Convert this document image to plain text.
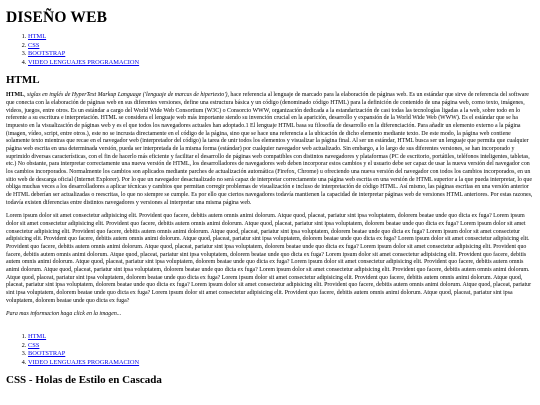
DISEÑO WEB
1. HTML
2. CSS
3. BOOTSTRAP
4. VIDEO LENGUAJES PROGRAMACION
HTML

HTML, siglas en inglés de HyperText Markup Language ('lenguaje de marcas de hipertexto'), hace referencia al lenguaje de marcado para la elaboración de páginas web. Es un estándar que sirve de referencia del software que conecta con la elaboración de páginas web en sus diferentes versiones, define una estructura básica y un código (denominado código HTML) para la definición de contenido de una página web, como texto, imágenes, videos, juegos, entre otros. Es un estándar a cargo del World Wide Web Consortium (W3C) o Consorcio WWW, organización dedicada a la estandarización de casi todas las tecnologías ligadas a la web, sobre todo en lo referente a su escritura e interpretación. HTML se considera el lenguaje web más importante siendo su invención crucial en la aparición, desarrollo y expansión de la World Wide Web (WWW). Es el estándar que se ha impuesto en la visualización de páginas web y es el que todos los navegadores actuales han adoptado.1 El lenguaje HTML basa su filosofía de desarrollo en la diferenciación. Para añadir un elemento externo a la página (imagen, vídeo, script, entre otros.), este no se incrusta directamente en el código de la página, sino que se hace una referencia a la ubicación de dicho elemento mediante texto. De este modo, la página web contiene solamente texto mientras que recae en el navegador web (interpretador del código) la tarea de unir todos los elementos y visualizar la página final. Al ser un estándar, HTML busca ser un lenguaje que permita que cualquier página web escrita en una determinada versión, pueda ser interpretada de la misma forma (estándar) por cualquier navegador web actualizado. Sin embargo, a lo largo de sus diferentes versiones, se han incorporado y suprimido diversas características, con el fin de hacerlo más eficiente y facilitar el desarrollo de páginas web compatibles con distintos navegadores y plataformas (PC de escritorio, portátiles, teléfonos inteligentes, tabletas, etc.) No obstante, para interpretar correctamente una nueva versión de HTML, los desarrolladores de navegadores web deben incorporar estos cambios y el usuario debe ser capaz de usar la nueva versión del navegador con los cambios incorporados. Normalmente los cambios son aplicados mediante parches de actualización automática (Firefox, Chrome) u ofreciendo una nueva versión del navegador con todos los cambios incorporados, en un sitio web de descarga oficial (Internet Explorer). Por lo que un navegador desactualizado no será capaz de interpretar correctamente una página web escrita en una versión de HTML superior a la que pueda interpretar, lo que obliga muchas veces a los desarrolladores a aplicar técnicas y cambios que permitan corregir problemas de visualización e incluso de interpretación de código HTML. Así mismo, las páginas escritas en una versión anterior de HTML deberían ser actualizadas o reescritas, lo que no siempre se cumple. Es por ello que ciertos navegadores todavía mantienen la capacidad de interpretar páginas web de versiones HTML anteriores. Por estas razones, todavía existen diferencias entre distintos navegadores y versiones al interpretar una misma página web.

Lorem ipsum dolor sit amet consectetur adipisicing elit. Provident quo facere, debitis autem omnis animi dolorum. Atque quod, placeat, pariatur sint ipsa voluptatem, dolorem beatae unde quo dicta ex fuga? Lorem ipsum dolor sit amet consectetur adipisicing elit. Provident quo facere, debitis autem omnis animi dolorum. Atque quod, placeat, pariatur sint ipsa voluptatem, dolorem beatae unde quo dicta ex fuga? Lorem ipsum dolor sit amet consectetur adipisicing elit. Provident quo facere, debitis autem omnis animi dolorum. Atque quod, placeat, pariatur sint ipsa voluptatem, dolorem beatae unde quo dicta ex fuga? Lorem ipsum dolor sit amet consectetur adipisicing elit. Provident quo facere, debitis autem omnis animi dolorum. Atque quod, placeat, pariatur sint ipsa voluptatem, dolorem beatae unde quo dicta ex fuga? Lorem ipsum dolor sit amet consectetur adipisicing elit. Provident quo facere, debitis autem omnis animi dolorum. Atque quod, placeat, pariatur sint ipsa voluptatem, dolorem beatae unde quo dicta ex fuga? Lorem ipsum dolor sit amet consectetur adipisicing elit. Provident quo facere, debitis autem omnis animi dolorum. Atque quod, placeat, pariatur sint ipsa voluptatem, dolorem beatae unde quo dicta ex fuga? Lorem ipsum dolor sit amet consectetur adipisicing elit. Provident quo facere, debitis autem omnis animi dolorum. Atque quod, placeat, pariatur sint ipsa voluptatem, dolorem beatae unde quo dicta ex fuga? Lorem ipsum dolor sit amet consectetur adipisicing elit. Provident quo facere, debitis autem omnis animi dolorum. Atque quod, placeat, pariatur sint ipsa voluptatem, dolorem beatae unde quo dicta ex fuga? Lorem ipsum dolor sit amet consectetur adipisicing elit. Provident quo facere, debitis autem omnis animi dolorum. Atque quod, placeat, pariatur sint ipsa voluptatem, dolorem beatae unde quo dicta ex fuga? Lorem ipsum dolor sit amet consectetur adipisicing elit. Provident quo facere, debitis autem omnis animi dolorum. Atque quod, placeat, pariatur sint ipsa voluptatem, dolorem beatae unde quo dicta ex fuga? Lorem ipsum dolor sit amet consectetur adipisicing elit. Provident quo facere, debitis autem omnis animi dolorum. Atque quod, placeat, pariatur sint ipsa voluptatem, dolorem beatae unde quo dicta ex fuga? Lorem ipsum dolor sit amet consectetur adipisicing elit. Provident quo facere, debitis autem omnis animi dolorum. Atque quod, placeat, pariatur sint ipsa voluptatem, dolorem beatae unde quo dicta ex fuga?

Para mas informacion haga click en la imagen...

1. HTML
2. CSS
3. BOOTSTRAP
4. VIDEO LENGUAJES PROGRAMACION
CSS - Holas de Estilo en Cascada
